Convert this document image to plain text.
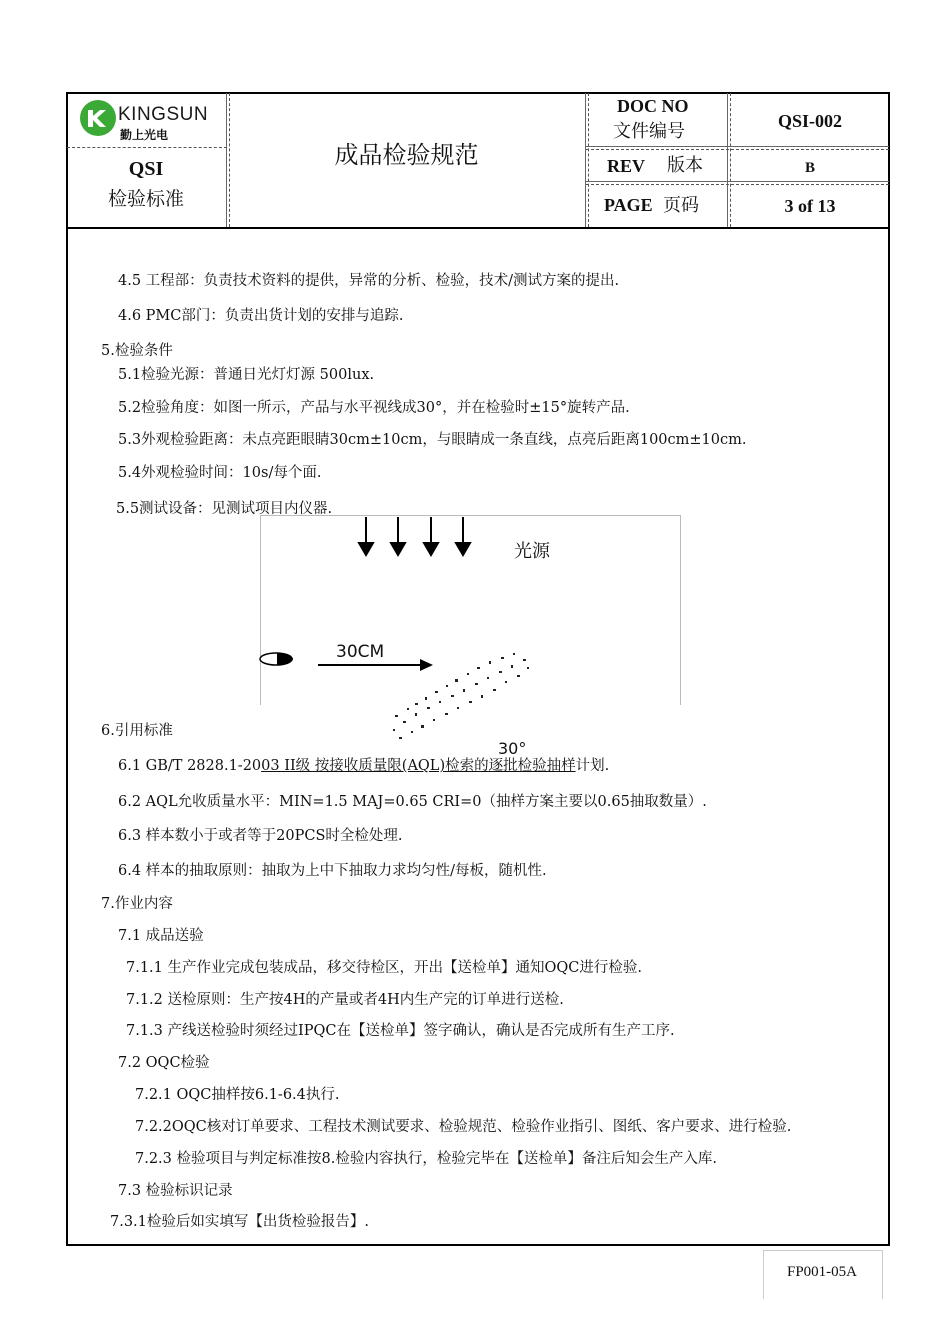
KINGSUN
勤上光电
QSI
检验标准
成品检验规范
DOC NO
文件编号	QSI-002
REV 版本	B
PAGE 页码	3 of 13
4.5 工程部：负责技术资料的提供，异常的分析、检验，技术/测试方案的提出.
4.6 PMC部门：负责出货计划的安排与追踪.
5.检验条件
5.1检验光源：普通日光灯灯源 500lux.
5.2检验角度：如图一所示，产品与水平视线成30°，并在检验时±15°旋转产品.
5.3外观检验距离：未点亮距眼睛30cm±10cm，与眼睛成一条直线，点亮后距离100cm±10cm.
5.4外观检验时间：10s/每个面.
5.5测试设备：见测试项目内仪器.
光源
30CM
30°
6.引用标准
6.1 GB/T 2828.1-2003 II级 按接收质量限(AQL)检索的逐批检验抽样计划.
6.2 AQL允收质量水平：MIN=1.5 MAJ=0.65 CRI=0（抽样方案主要以0.65抽取数量）.
6.3 样本数小于或者等于20PCS时全检处理.
6.4 样本的抽取原则：抽取为上中下抽取力求均匀性/每板，随机性.
7.作业内容
7.1 成品送验
7.1.1 生产作业完成包装成品，移交待检区，开出【送检单】通知OQC进行检验.
7.1.2 送检原则：生产按4H的产量或者4H内生产完的订单进行送检.
7.1.3 产线送检验时须经过IPQC在【送检单】签字确认，确认是否完成所有生产工序.
7.2 OQC检验
7.2.1 OQC抽样按6.1-6.4执行.
7.2.2OQC核对订单要求、工程技术测试要求、检验规范、检验作业指引、图纸、客户要求、进行检验.
7.2.3 检验项目与判定标准按8.检验内容执行，检验完毕在【送检单】备注后知会生产入库.
7.3 检验标识记录
7.3.1检验后如实填写【出货检验报告】.
FP001-05A
